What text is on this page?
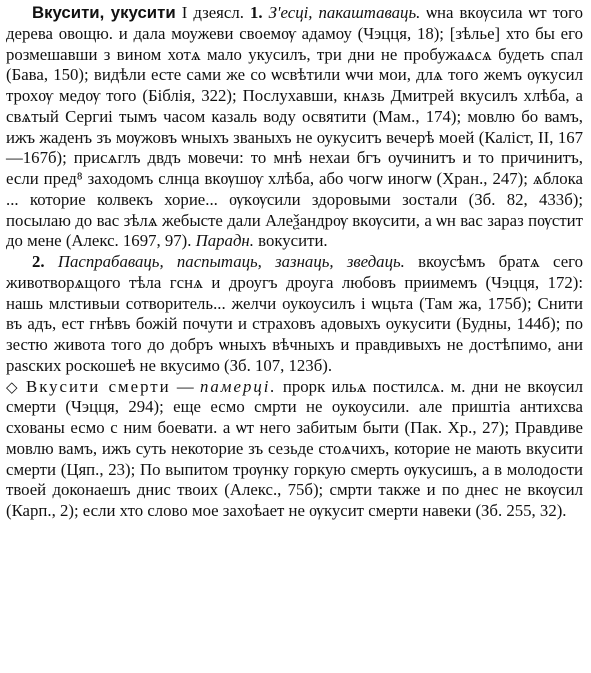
Вкусити, укусити I дзеясл. 1. З'есці, пакаштаваць. ѡна вкѹсила ѡт того дерева овощю. и дала моужеви своемѹ адамоу (Чэцця, 18); [зѣлье] хто бы его розмешавши з вином хотѧ мало укусилъ, три дни не пробужаѧсѧ будеть спал (Бава, 150); видѣли есте сами же со ѡсвѣтили ѡчи мои, длѧ того жемъ ѹкусил трохѹ медѹ того (Біблія, 322); Послухавши, кнѧзь Дмитрей вкусилъ хлѣба, а свѧтый Сергиі тымъ часом казаль воду освятити (Мам., 174); мовлю бо вамъ, ижъ жаденъ зъ мѹжовъ ѡныхъ званыхъ не оукуситъ вечерѣ моей (Каліст, II, 167—167б); присѧглъ двдъ мовечи: то мнѣ нехаи бгъ оучинитъ и то причинитъ, если пред⁸ заходомъ слнца вкѹшѹ хлѣба, або чогѡ иногѡ (Хран., 247); ѧблока ... которие колвекъ хорие... ѹкѹсили здоровыми зостали (Зб. 82, 433б); посылаю до вас зѣлѧ жебысте дали Алеѯандрѹ вкѹсити, а ѡн вас зараз пѹстит до мене (Алекс. 1697, 97). Парадн. вокусити.

2. Паспрабаваць, паспытаць, зазнаць, зведаць. вкоусѣмъ братѧ сего животворѧщого тѣла гснѧ и дроугъ дроуга любовъ приимемъ (Чэцця, 172): нашь млстивыи сотворитель... желчи оукоусилъ і ѡцьта (Там жа, 175б); Снити въ адъ, ест гнѣвъ божій почути и страховъ адовыхъ оукусити (Будны, 144б); по зестю живота того до добръ ѡныхъ вѣчныхъ и правдивыхъ не достѣпимо, ани раѕских роскошеѣ не вкусимо (Зб. 107, 123б).

◇ Вкусити смерти — памерці. прорк ильѧ постилсѧ. м. дни не вкѹсил смерти (Чэцця, 294); еще есмо смрти не оукоусили. але приштіа антихсва схованы есмо с ним боевати. а ѡт него забитым быти (Пак. Хр., 27); Правдиве мовлю вамъ, ижъ суть некоторие зъ сезьде стоѧчихъ, которие не мають вкусити смерти (Цяп., 23); По выпитом трѹнку горкую смерть ѹкусишъ, а в молодости твоей доконаешъ днис твоих (Алекс., 75б); смрти также и по днес не вкѹсил (Карп., 2); если хто слово мое захоѣает не ѹкусит смерти навеки (Зб. 255, 32).
